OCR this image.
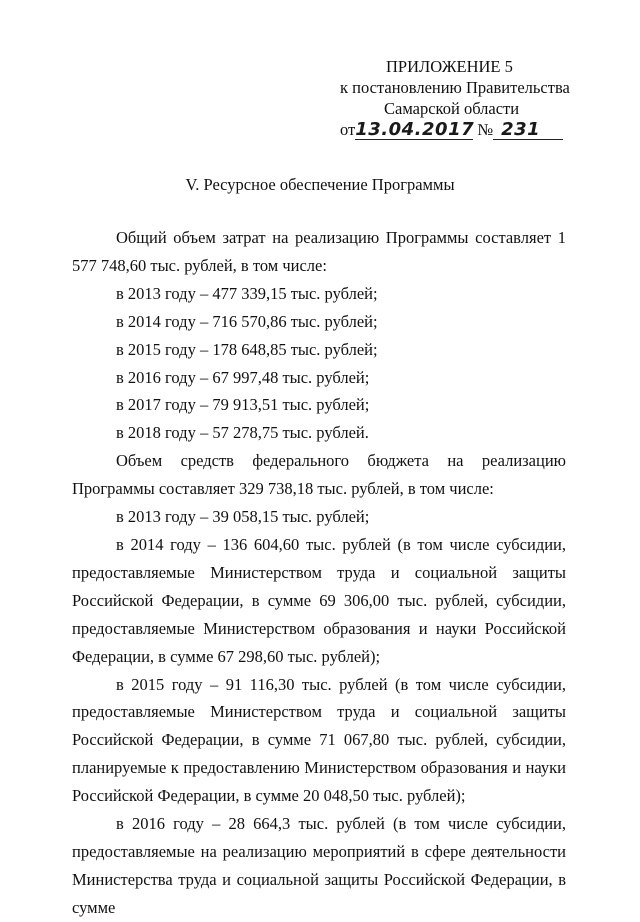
ПРИЛОЖЕНИЕ 5
к постановлению Правительства
Самарской области
от13.04.2017 № 231
V. Ресурсное обеспечение Программы

Общий объем затрат на реализацию Программы составляет 1 577 748,60 тыс. рублей, в том числе:

в 2013 году – 477 339,15 тыс. рублей;

в 2014 году – 716 570,86 тыс. рублей;

в 2015 году – 178 648,85 тыс. рублей;

в 2016 году – 67 997,48 тыс. рублей;

в 2017 году – 79 913,51 тыс. рублей;

в 2018 году – 57 278,75 тыс. рублей.

Объем средств федерального бюджета на реализацию Программы составляет 329 738,18 тыс. рублей, в том числе:

в 2013 году – 39 058,15 тыс. рублей;

в 2014 году – 136 604,60 тыс. рублей (в том числе субсидии, предоставляемые Министерством труда и социальной защиты Российской Федерации, в сумме 69 306,00 тыс. рублей, субсидии, предоставляемые Министерством образования и науки Российской Федерации, в сумме 67 298,60 тыс. рублей);

в 2015 году – 91 116,30 тыс. рублей (в том числе субсидии, предоставляемые Министерством труда и социальной защиты Российской Федерации, в сумме 71 067,80 тыс. рублей, субсидии, планируемые к предоставлению Министерством образования и науки Российской Федерации, в сумме 20 048,50 тыс. рублей);

в 2016 году – 28 664,3 тыс. рублей (в том числе субсидии, предоставляемые на реализацию мероприятий в сфере деятельности Министерства труда и социальной защиты Российской Федерации, в сумме
